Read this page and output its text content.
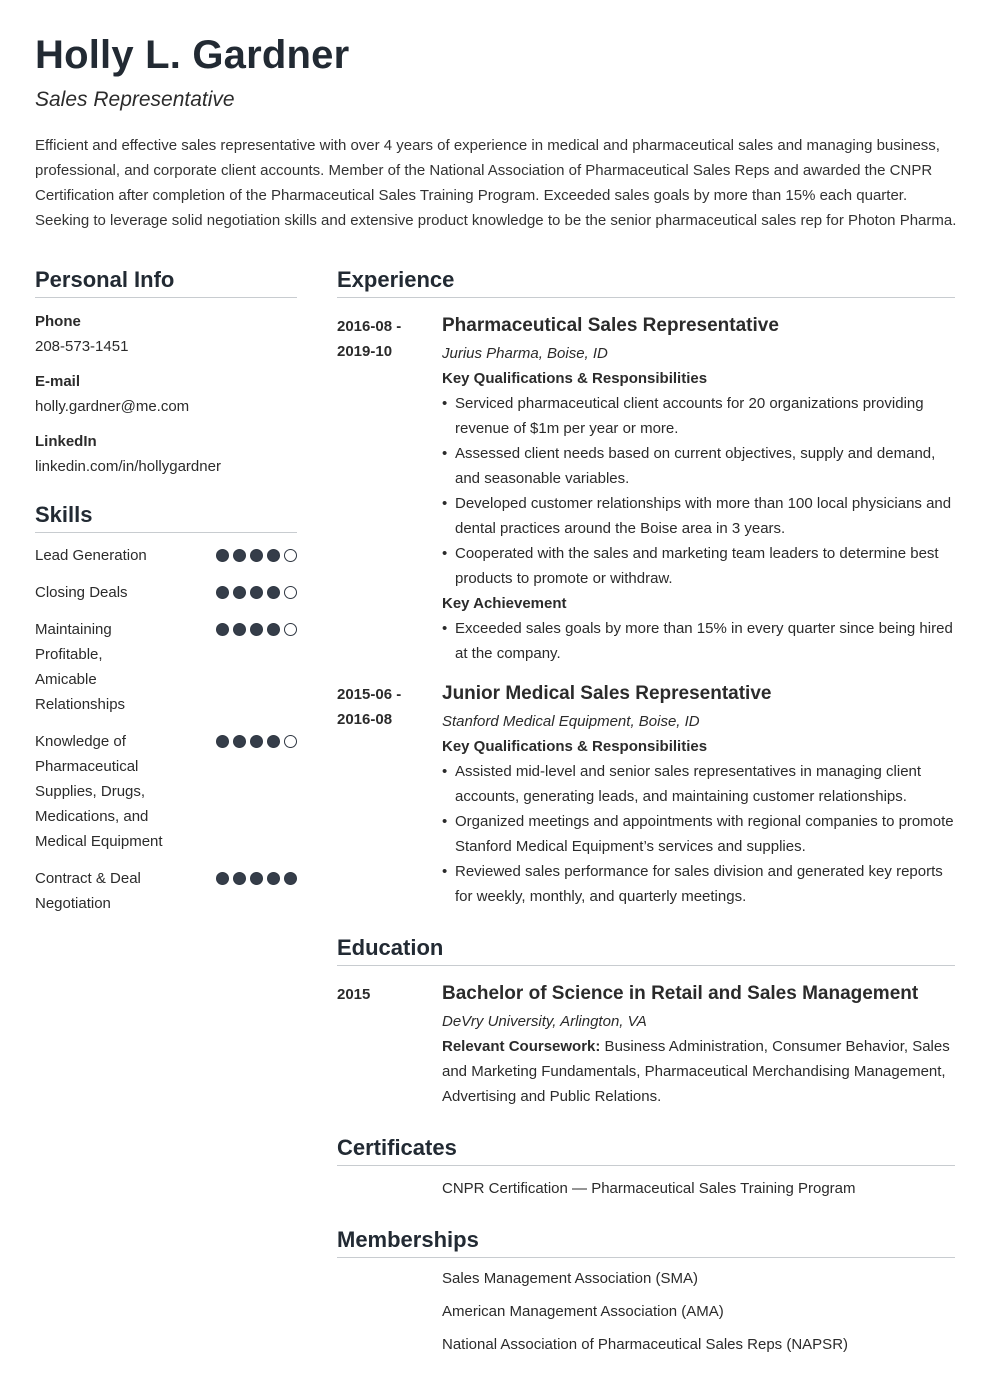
Holly L. Gardner
Sales Representative
Efficient and effective sales representative with over 4 years of experience in medical and pharmaceutical sales and managing business, professional, and corporate client accounts. Member of the National Association of Pharmaceutical Sales Reps and awarded the CNPR Certification after completion of the Pharmaceutical Sales Training Program. Exceeded sales goals by more than 15% each quarter. Seeking to leverage solid negotiation skills and extensive product knowledge to be the senior pharmaceutical sales rep for Photon Pharma.
Personal Info
Phone
208-573-1451
E-mail
holly.gardner@me.com
LinkedIn
linkedin.com/in/hollygardner
Skills
Lead Generation
Closing Deals
Maintaining Profitable, Amicable Relationships
Knowledge of Pharmaceutical Supplies, Drugs, Medications, and Medical Equipment
Contract & Deal Negotiation
Experience
2016-08 -
2019-10
Pharmaceutical Sales Representative
Jurius Pharma, Boise, ID
Key Qualifications & Responsibilities
• Serviced pharmaceutical client accounts for 20 organizations providing revenue of $1m per year or more.
• Assessed client needs based on current objectives, supply and demand, and seasonable variables.
• Developed customer relationships with more than 100 local physicians and dental practices around the Boise area in 3 years.
• Cooperated with the sales and marketing team leaders to determine best products to promote or withdraw.
Key Achievement
• Exceeded sales goals by more than 15% in every quarter since being hired at the company.
2015-06 -
2016-08
Junior Medical Sales Representative
Stanford Medical Equipment, Boise, ID
Key Qualifications & Responsibilities
• Assisted mid-level and senior sales representatives in managing client accounts, generating leads, and maintaining customer relationships.
• Organized meetings and appointments with regional companies to promote Stanford Medical Equipment’s services and supplies.
• Reviewed sales performance for sales division and generated key reports for weekly, monthly, and quarterly meetings.
Education
2015	Bachelor of Science in Retail and Sales Management
DeVry University, Arlington, VA
Relevant Coursework: Business Administration, Consumer Behavior, Sales and Marketing Fundamentals, Pharmaceutical Merchandising Management, Advertising and Public Relations.
Certificates
CNPR Certification — Pharmaceutical Sales Training Program
Memberships
Sales Management Association (SMA)
American Management Association (AMA)
National Association of Pharmaceutical Sales Reps (NAPSR)
